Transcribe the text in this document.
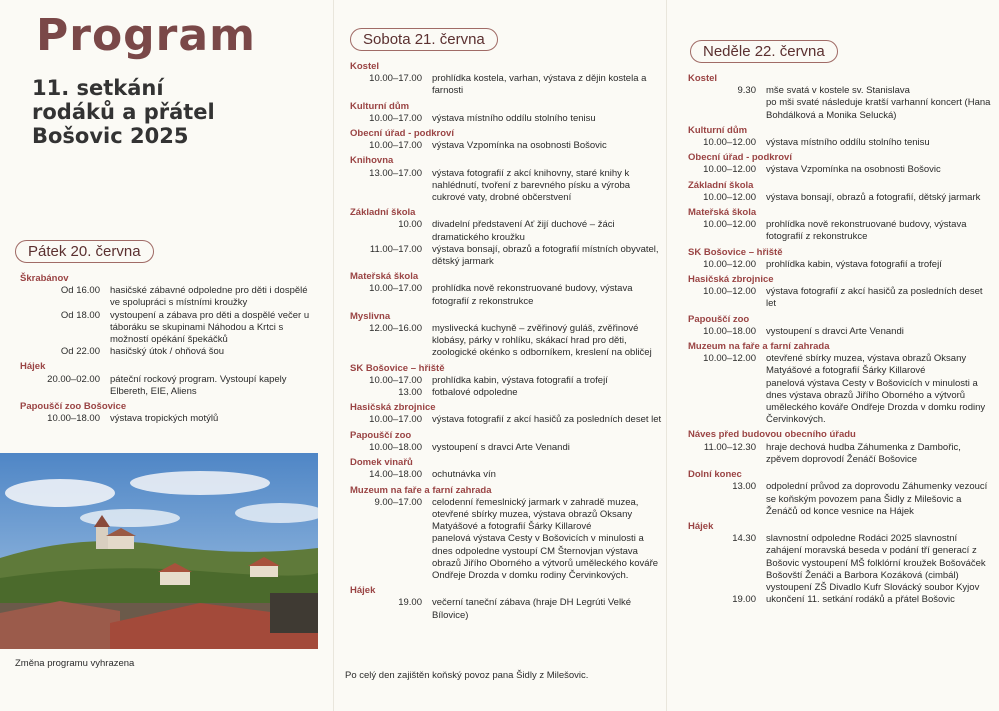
Program
11. setkání
rodáků a přátel
Bošovic 2025
Pátek 20. června
Škrabánov
Od 16.00	hasičské zábavné odpoledne pro děti i dospělé ve spolupráci s místními kroužky
Od 18.00	vystoupení a zábava pro děti a dospělé večer u táboráku se skupinami Náhodou a Krtci s možností opékání špekáčků
Od 22.00	hasičský útok / ohňová šou
Hájek
20.00–02.00	páteční rockový program. Vystoupí kapely Elbereth, EIE, Aliens
Papouščí zoo Bošovice
10.00–18.00	výstava tropických motýlů
Změna programu vyhrazena
Sobota 21. června
Kostel
10.00–17.00	prohlídka kostela, varhan, výstava z dějin kostela a farnosti
Kulturní dům
10.00–17.00	výstava místního oddílu stolního tenisu
Obecní úřad - podkroví
10.00–17.00	výstava Vzpomínka na osobnosti Bošovic
Knihovna
13.00–17.00	výstava fotografií z akcí knihovny, staré knihy k nahlédnutí, tvoření z barevného písku a výroba cukrové vaty, drobné občerstvení
Základní škola
10.00	divadelní představení Ať žijí duchové – žáci dramatického kroužku
11.00–17.00	výstava bonsají, obrazů a fotografií místních obyvatel, dětský jarmark
Mateřská škola
10.00–17.00	prohlídka nově rekonstruované budovy, výstava fotografií z rekonstrukce
Myslivna
12.00–16.00	myslivecká kuchyně – zvěřinový guláš, zvěřinové klobásy, párky v rohlíku, skákací hrad pro děti, zoologické okénko s odborníkem, kreslení na obličej
SK Bošovice – hřiště
10.00–17.00	prohlídka kabin, výstava fotografií a trofejí
13.00	fotbalové odpoledne
Hasičská zbrojnice
10.00–17.00	výstava fotografií z akcí hasičů za posledních deset let
Papouščí zoo
10.00–18.00	vystoupení s dravci Arte Venandi
Domek vinařů
14.00–18.00	ochutnávka vín
Muzeum na faře a farní zahrada
9.00–17.00	celodenní řemeslnický jarmark v zahradě muzea, otevřené sbírky muzea, výstava obrazů Oksany Matyášové a fotografií Šárky Killarové
panelová výstava Cesty v Bošovicích v minulosti a dnes odpoledne vystoupí CM Šternovjan výstava obrazů Jiřího Oborného a výtvorů uměleckého kováře Ondřeje Drozda v domku rodiny Červinkových.
Hájek
19.00	večerní taneční zábava (hraje DH Legrúti Velké Bílovice)
Po celý den zajištěn koňský povoz pana Šidly z Milešovic.
Neděle 22. června
Kostel
9.30	mše svatá v kostele sv. Stanislava
po mši svaté následuje kratší varhanní koncert (Hana Bohdálková a Monika Selucká)
Kulturní dům
10.00–12.00	výstava místního oddílu stolního tenisu
Obecní úřad - podkroví
10.00–12.00	výstava Vzpomínka na osobnosti Bošovic
Základní škola
10.00–12.00	výstava bonsají, obrazů a fotografií, dětský jarmark
Mateřská škola
10.00–12.00	prohlídka nově rekonstruované budovy, výstava fotografií z rekonstrukce
SK Bošovice – hřiště
10.00–12.00	prohlídka kabin, výstava fotografií a trofejí
Hasičská zbrojnice
10.00–12.00	výstava fotografií z akcí hasičů za posledních deset let
Papouščí zoo
10.00–18.00	vystoupení s dravci Arte Venandi
Muzeum na faře a farní zahrada
10.00–12.00	otevřené sbírky muzea, výstava obrazů Oksany Matyášové a fotografií Šárky Killarové
panelová výstava Cesty v Bošovicích v minulosti a dnes výstava obrazů Jiřího Oborného a výtvorů uměleckého kováře Ondřeje Drozda v domku rodiny Červinkových.
Náves před budovou obecního úřadu
11.00–12.30	hraje dechová hudba Záhumenka z Dambořic, zpěvem doprovodí Ženáčí Bošovice
Dolní konec
13.00	odpolední průvod za doprovodu Záhumenky vezoucí se koňským povozem pana Šidly z Milešovic a Ženáčů od konce vesnice na Hájek
Hájek
14.30	slavnostní odpoledne Rodáci 2025 slavnostní zahájení moravská beseda v podání tří generací z Bošovic vystoupení MŠ folklórní kroužek Bošováček Bošovští Ženáči a Barbora Kozáková (cimbál) vystoupení ZŠ Divadlo Kufr Slovácký soubor Kyjov
19.00	ukončení 11. setkání rodáků a přátel Bošovic
